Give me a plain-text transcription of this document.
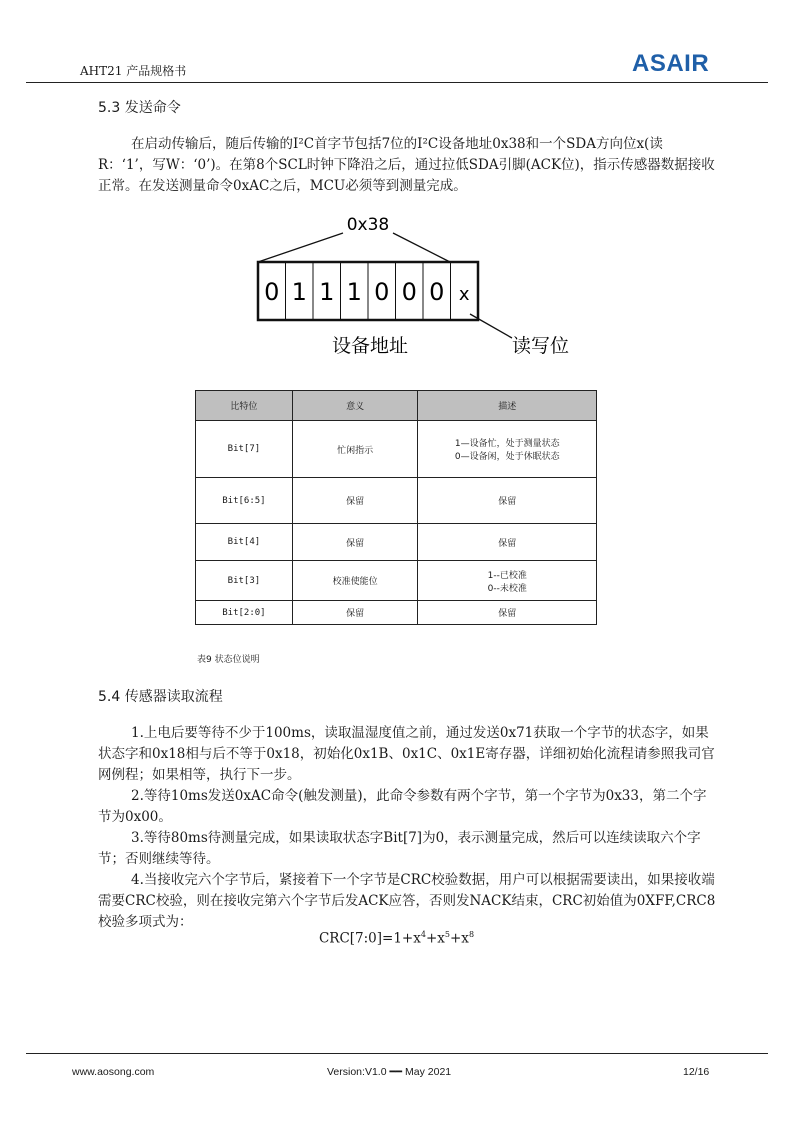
AHT21 产品规格书	ASAIR
5.3 发送命令

在启动传输后，随后传输的I²C首字节包括7位的I²C设备地址0x38和一个SDA方向位x(读R：‘1’，写W：‘0’)。在第8个SCL时钟下降沿之后，通过拉低SDA引脚(ACK位)，指示传感器数据接收正常。在发送测量命令0xAC之后，MCU必须等到测量完成。

0x38
0 1 1 1 0 0 0 x
设备地址	读写位
比特位	意义	描述
Bit[7]	忙闲指示	1—设备忙，处于测量状态
0—设备闲，处于休眠状态

Bit[6:5]	保留	保留
Bit[4]	保留	保留
Bit[3]	校准使能位	1--已校准
0--未校准

Bit[2:0]	保留	保留
表9 状态位说明
5.4 传感器读取流程

1.上电后要等待不少于100ms，读取温湿度值之前，通过发送0x71获取一个字节的状态字，如果状态字和0x18相与后不等于0x18，初始化0x1B、0x1C、0x1E寄存器，详细初始化流程请参照我司官网例程；如果相等，执行下一步。

2.等待10ms发送0xAC命令(触发测量)，此命令参数有两个字节，第一个字节为0x33，第二个字节为0x00。

3.等待80ms待测量完成，如果读取状态字Bit[7]为0，表示测量完成，然后可以连续读取六个字节；否则继续等待。

4.当接收完六个字节后，紧接着下一个字节是CRC校验数据，用户可以根据需要读出，如果接收端需要CRC校验，则在接收完第六个字节后发ACK应答，否则发NACK结束，CRC初始值为0XFF,CRC8校验多项式为：

$CRC[7:0]=1+x^4+x^5+x^8$
www.aosong.com	Version:V1.0 ━━ May 2021	12/16
